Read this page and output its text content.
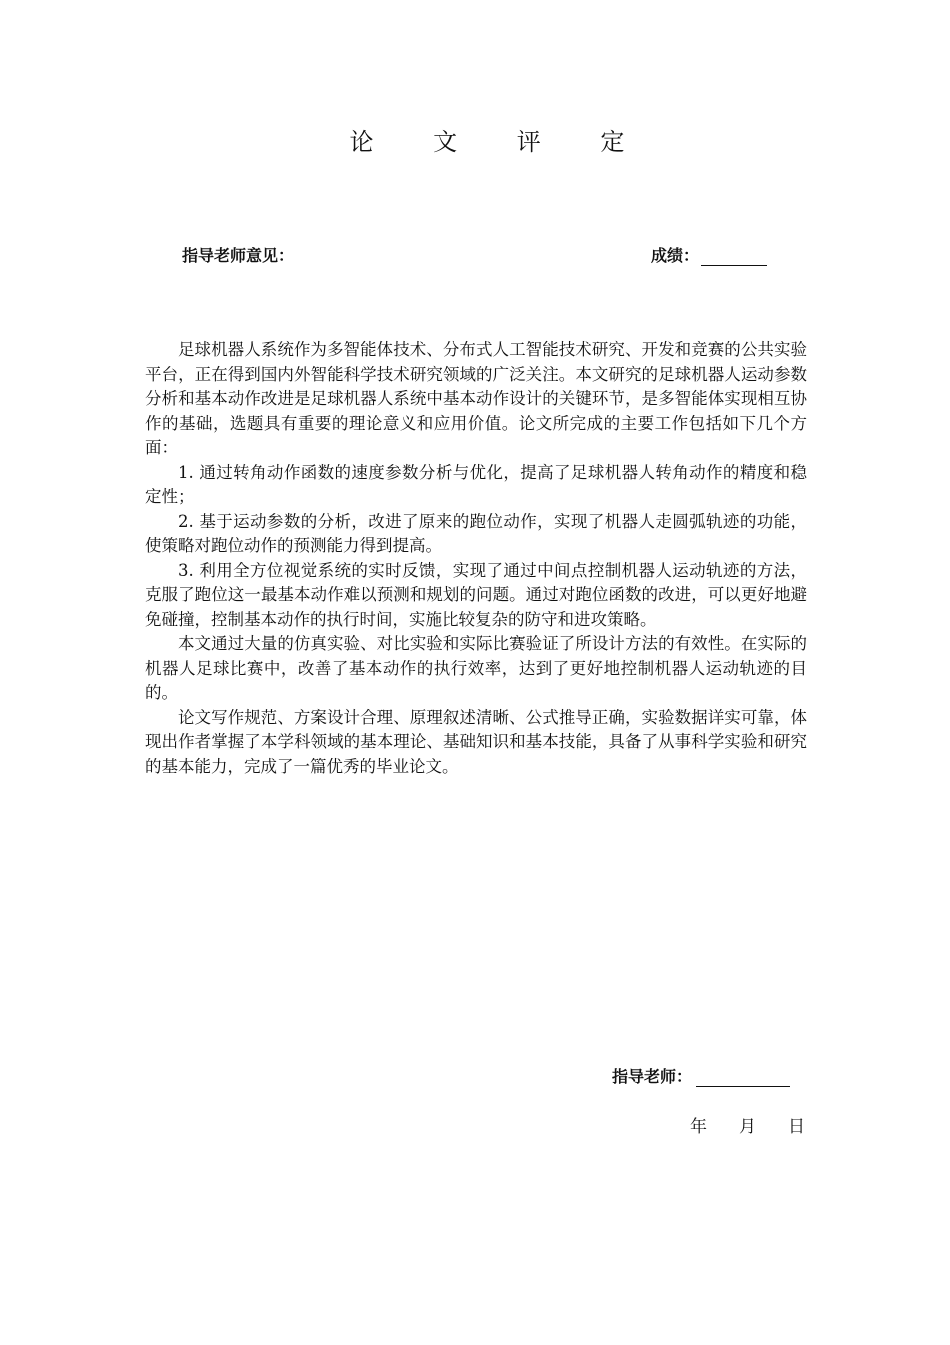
论 文 评 定
指导老师意见：	成绩：

足球机器人系统作为多智能体技术、分布式人工智能技术研究、开发和竞赛的公共实验平台，正在得到国内外智能科学技术研究领域的广泛关注。本文研究的足球机器人运动参数分析和基本动作改进是足球机器人系统中基本动作设计的关键环节，是多智能体实现相互协作的基础，选题具有重要的理论意义和应用价值。论文所完成的主要工作包括如下几个方面：

1. 通过转角动作函数的速度参数分析与优化，提高了足球机器人转角动作的精度和稳定性；

2. 基于运动参数的分析，改进了原来的跑位动作，实现了机器人走圆弧轨迹的功能，使策略对跑位动作的预测能力得到提高。

3. 利用全方位视觉系统的实时反馈，实现了通过中间点控制机器人运动轨迹的方法，克服了跑位这一最基本动作难以预测和规划的问题。通过对跑位函数的改进，可以更好地避免碰撞，控制基本动作的执行时间，实施比较复杂的防守和进攻策略。

本文通过大量的仿真实验、对比实验和实际比赛验证了所设计方法的有效性。在实际的机器人足球比赛中，改善了基本动作的执行效率，达到了更好地控制机器人运动轨迹的目的。

论文写作规范、方案设计合理、原理叙述清晰、公式推导正确，实验数据详实可靠，体现出作者掌握了本学科领域的基本理论、基础知识和基本技能，具备了从事科学实验和研究的基本能力，完成了一篇优秀的毕业论文。

指导老师：
年 月 日
